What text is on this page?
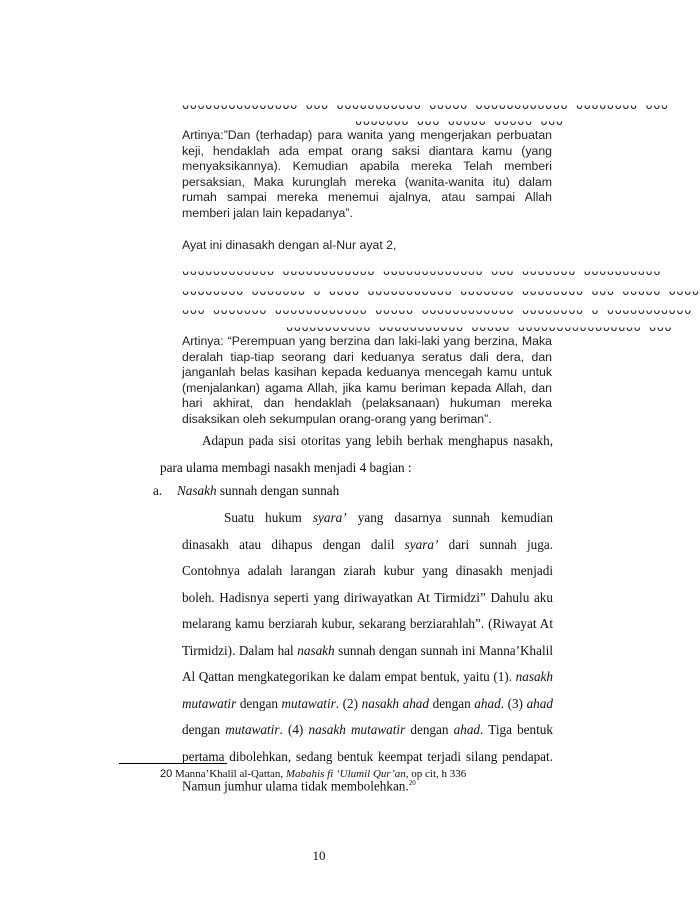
ᴗᴗᴗᴗᴗᴗᴗᴗᴗᴗᴗᴗᴗᴗᴗ ᴗᴗᴗ ᴗᴗᴗᴗᴗᴗᴗᴗᴗᴗᴗ ᴗᴗᴗᴗᴗ ᴗᴗᴗᴗᴗᴗᴗᴗᴗᴗᴗᴗ ᴗᴗᴗᴗᴗᴗᴗᴗ ᴗᴗᴗ
ᴗᴗᴗᴗᴗᴗᴗ ᴗᴗᴗ ᴗᴗᴗᴗᴗ ᴗᴗᴗᴗᴗ ᴗᴗᴗ
Artinya:”Dan (terhadap) para wanita yang mengerjakan perbuatan keji, hendaklah ada empat orang saksi diantara kamu (yang menyaksikannya). Kemudian apabila mereka Telah memberi persaksian, Maka kurunglah mereka (wanita-wanita itu) dalam rumah sampai mereka menemui ajalnya, atau sampai Allah memberi jalan lain kepadanya”.
Ayat ini dinasakh dengan al-Nur ayat 2,
ᴗᴗᴗᴗᴗᴗᴗᴗᴗᴗᴗᴗ ᴗᴗᴗᴗᴗᴗᴗᴗᴗᴗᴗᴗ ᴗᴗᴗᴗᴗᴗᴗᴗᴗᴗᴗᴗᴗ ᴗᴗᴗ ᴗᴗᴗᴗᴗᴗᴗ ᴗᴗᴗᴗᴗᴗᴗᴗᴗᴗ
ᴗᴗᴗᴗᴗᴗᴗᴗ ᴗᴗᴗᴗᴗᴗᴗ ᴗ ᴗᴗᴗᴗ ᴗᴗᴗᴗᴗᴗᴗᴗᴗᴗᴗ ᴗᴗᴗᴗᴗᴗᴗ ᴗᴗᴗᴗᴗᴗᴗᴗ ᴗᴗᴗ ᴗᴗᴗᴗᴗ ᴗᴗᴗᴗ
ᴗᴗᴗ ᴗᴗᴗᴗᴗᴗᴗ ᴗᴗᴗᴗᴗᴗᴗᴗᴗᴗᴗᴗ ᴗᴗᴗᴗᴗ ᴗᴗᴗᴗᴗᴗᴗᴗᴗᴗᴗᴗ ᴗᴗᴗᴗᴗᴗᴗᴗ ᴗ ᴗᴗᴗᴗᴗᴗᴗᴗᴗᴗᴗ
ᴗᴗᴗᴗᴗᴗᴗᴗᴗᴗᴗ ᴗᴗᴗᴗᴗᴗᴗᴗᴗᴗᴗ ᴗᴗᴗᴗᴗ ᴗᴗᴗᴗᴗᴗᴗᴗᴗᴗᴗᴗᴗᴗᴗᴗ ᴗᴗᴗ
Artinya: “Perempuan yang berzina dan laki-laki yang berzina, Maka deralah tiap-tiap seorang dari keduanya seratus dali dera, dan janganlah belas kasihan kepada keduanya mencegah kamu untuk (menjalankan) agama Allah, jika kamu beriman kepada Allah, dan hari akhirat, dan hendaklah (pelaksanaan) hukuman mereka disaksikan oleh sekumpulan orang-orang yang beriman”.
Adapun pada sisi otoritas yang lebih berhak menghapus nasakh, para ulama membagi nasakh menjadi 4 bagian :
a. Nasakh sunnah dengan sunnah
Suatu hukum syara’ yang dasarnya sunnah kemudian dinasakh atau dihapus dengan dalil syara’ dari sunnah juga. Contohnya adalah larangan ziarah kubur yang dinasakh menjadi boleh. Hadisnya seperti yang diriwayatkan At Tirmidzi” Dahulu aku melarang kamu berziarah kubur, sekarang berziarahlah”. (Riwayat At Tirmidzi). Dalam hal nasakh sunnah dengan sunnah ini Manna’Khalil Al Qattan mengkategorikan ke dalam empat bentuk, yaitu (1). nasakh mutawatir dengan mutawatir. (2) nasakh ahad dengan ahad. (3) ahad dengan mutawatir. (4) nasakh mutawatir dengan ahad. Tiga bentuk pertama dibolehkan, sedang bentuk keempat terjadi silang pendapat. Namun jumhur ulama tidak membolehkan.$^{20}$
20 Manna’Khalil al-Qattan, Mabahis fi ‘Ulumil Qur’an, op cit, h 336
10
